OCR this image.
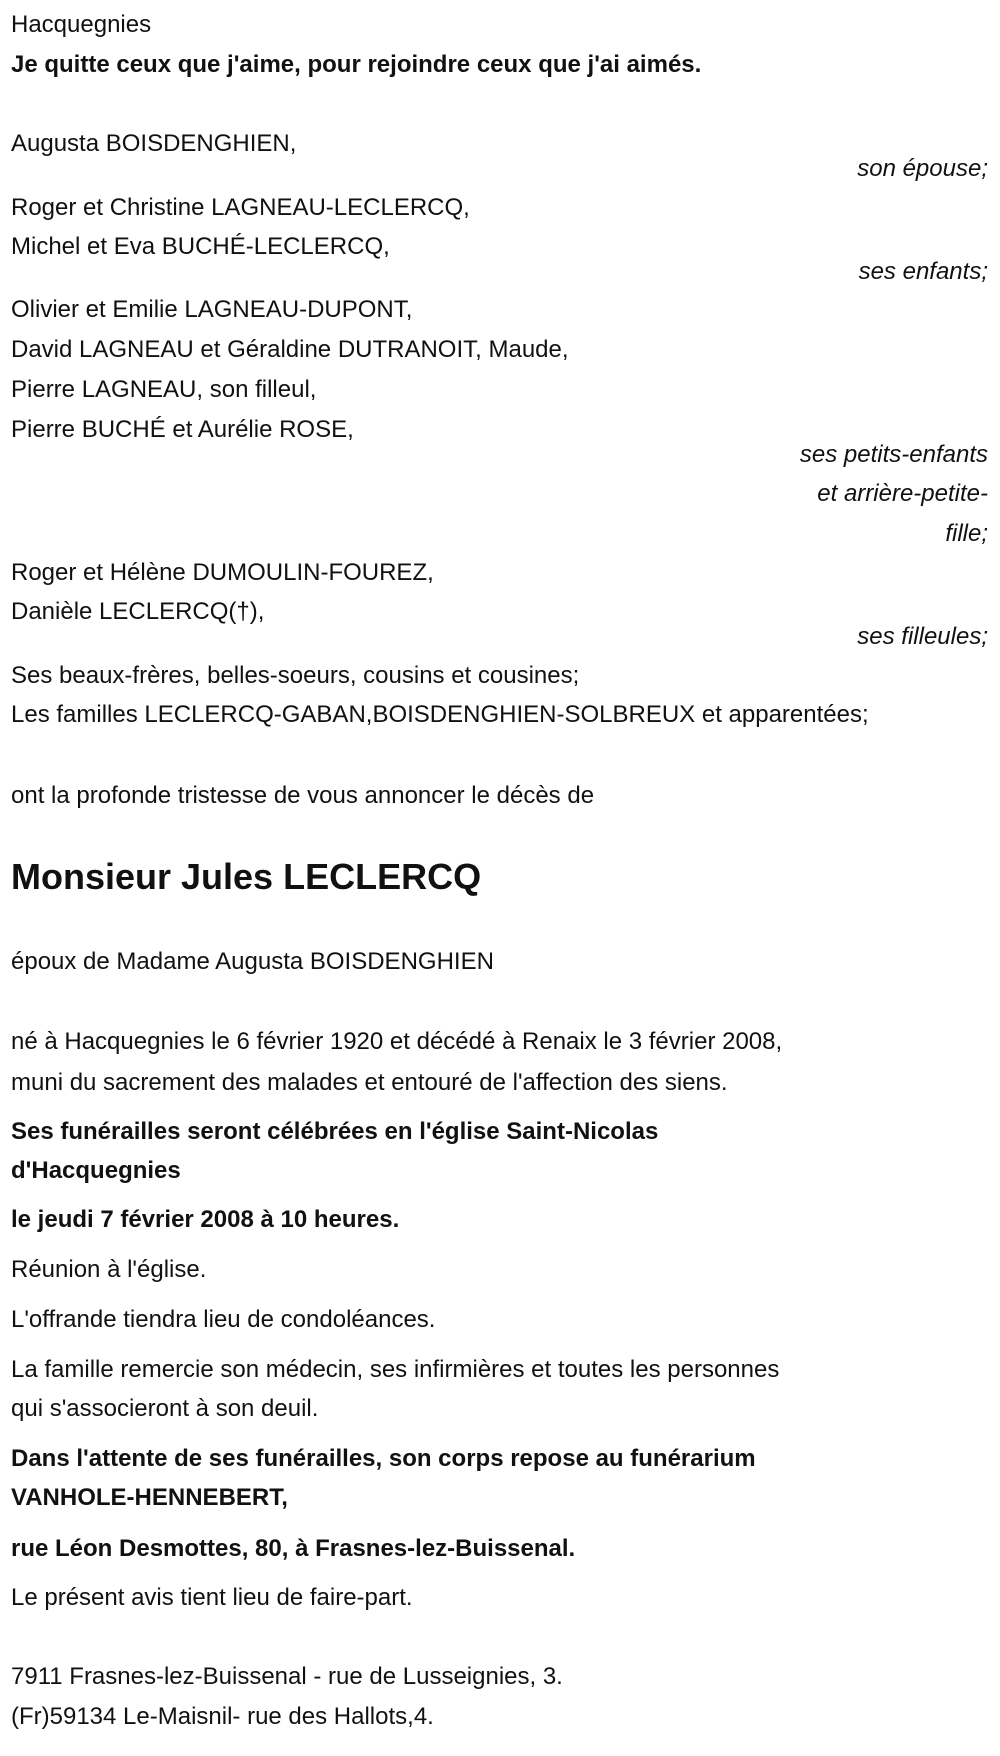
Hacquegnies
Je quitte ceux que j'aime, pour rejoindre ceux que j'ai aimés.
Augusta BOISDENGHIEN,
son épouse;
Roger et Christine LAGNEAU-LECLERCQ,
Michel et Eva BUCHÉ-LECLERCQ,
ses enfants;
Olivier et Emilie LAGNEAU-DUPONT,
David LAGNEAU et Géraldine DUTRANOIT, Maude,
Pierre LAGNEAU, son filleul,
Pierre BUCHÉ et Aurélie ROSE,
ses petits-enfants
et arrière-petite-
fille;
Roger et Hélène DUMOULIN-FOUREZ,
Danièle LECLERCQ(†),
ses filleules;
Ses beaux-frères, belles-soeurs, cousins et cousines;
Les familles LECLERCQ-GABAN,BOISDENGHIEN-SOLBREUX et apparentées;
ont la profonde tristesse de vous annoncer le décès de
Monsieur Jules LECLERCQ
époux de Madame Augusta BOISDENGHIEN
né à Hacquegnies le 6 février 1920 et décédé à Renaix le 3 février 2008,
muni du sacrement des malades et entouré de l'affection des siens.
Ses funérailles seront célébrées en l'église Saint-Nicolas
d'Hacquegnies
le jeudi 7 février 2008 à 10 heures.
Réunion à l'église.
L'offrande tiendra lieu de condoléances.
La famille remercie son médecin, ses infirmières et toutes les personnes
qui s'associeront à son deuil.
Dans l'attente de ses funérailles, son corps repose au funérarium
VANHOLE-HENNEBERT,
rue Léon Desmottes, 80, à Frasnes-lez-Buissenal.
Le présent avis tient lieu de faire-part.
7911 Frasnes-lez-Buissenal - rue de Lusseignies, 3.
(Fr)59134 Le-Maisnil- rue des Hallots,4.
